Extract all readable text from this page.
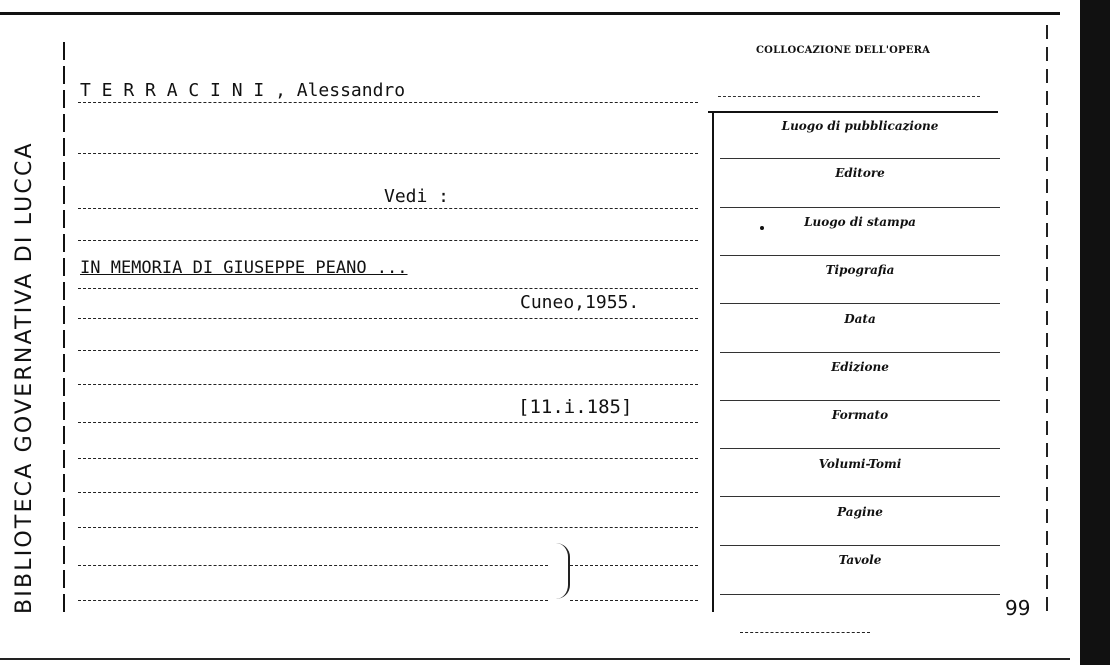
BIBLIOTECA GOVERNATIVA DI LUCCA
T E R R A C I N I , Alessandro
Vedi :
IN MEMORIA DI GIUSEPPE PEANO ...
Cuneo,1955.
[11.i.185]
COLLOCAZIONE DELL'OPERA
Luogo di pubblicazione
Editore
Luogo di stampa
Tipografia
Data
Edizione
Formato
Volumi-Tomi
Pagine
Tavole
99
